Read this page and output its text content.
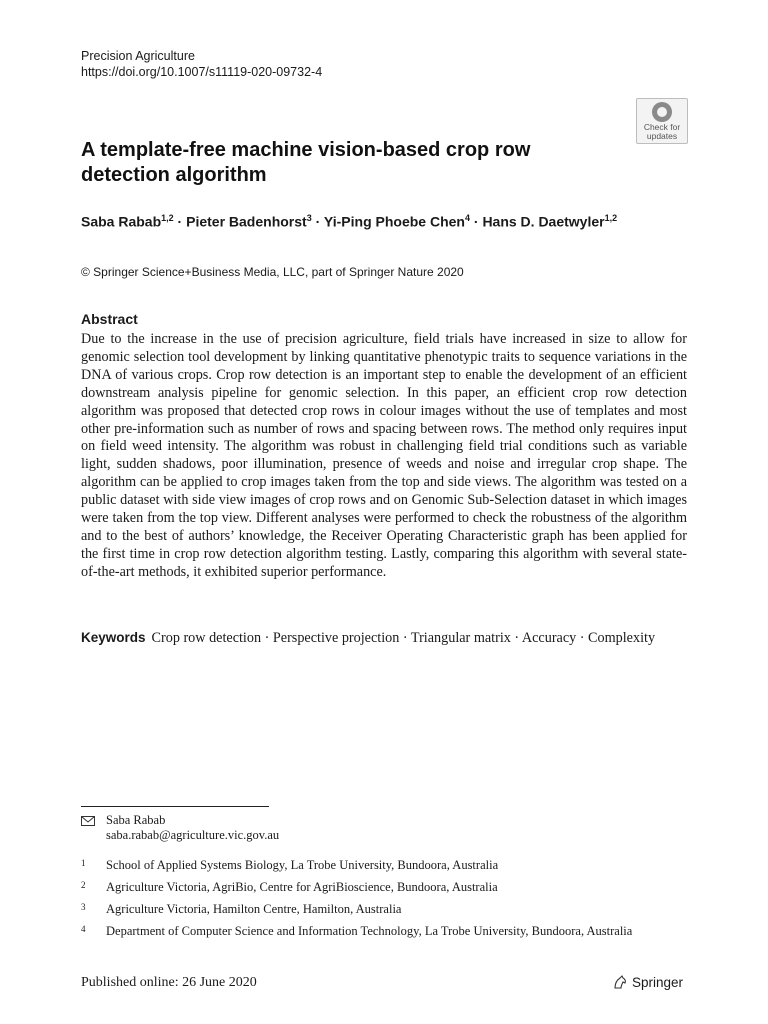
Precision Agriculture
https://doi.org/10.1007/s11119-020-09732-4
Check for
updates
A template-free machine vision-based crop row detection algorithm
Saba Rabab$^{1,2}$ · Pieter Badenhorst$^3$ · Yi-Ping Phoebe Chen$^4$ · Hans D. Daetwyler$^{1,2}$
© Springer Science+Business Media, LLC, part of Springer Nature 2020
Abstract
Due to the increase in the use of precision agriculture, field trials have increased in size to allow for genomic selection tool development by linking quantitative phenotypic traits to sequence variations in the DNA of various crops. Crop row detection is an important step to enable the development of an efficient downstream analysis pipeline for genomic selection. In this paper, an efficient crop row detection algorithm was proposed that detected crop rows in colour images without the use of templates and most other pre-information such as number of rows and spacing between rows. The method only requires input on field weed intensity. The algorithm was robust in challenging field trial conditions such as variable light, sudden shadows, poor illumination, presence of weeds and noise and irregular crop shape. The algorithm can be applied to crop images taken from the top and side views. The algorithm was tested on a public dataset with side view images of crop rows and on Genomic Sub-Selection dataset in which images were taken from the top view. Different analyses were performed to check the robustness of the algorithm and to the best of authors’ knowledge, the Receiver Operating Characteristic graph has been applied for the first time in crop row detection algorithm testing. Lastly, comparing this algorithm with several state-of-the-art methods, it exhibited superior performance.
Keywords Crop row detection · Perspective projection · Triangular matrix · Accuracy · Complexity
Saba Rabab
saba.rabab@agriculture.vic.gov.au
1 School of Applied Systems Biology, La Trobe University, Bundoora, Australia
2 Agriculture Victoria, AgriBio, Centre for AgriBioscience, Bundoora, Australia
3 Agriculture Victoria, Hamilton Centre, Hamilton, Australia
4 Department of Computer Science and Information Technology, La Trobe University, Bundoora, Australia
Published online: 26 June 2020	Springer
